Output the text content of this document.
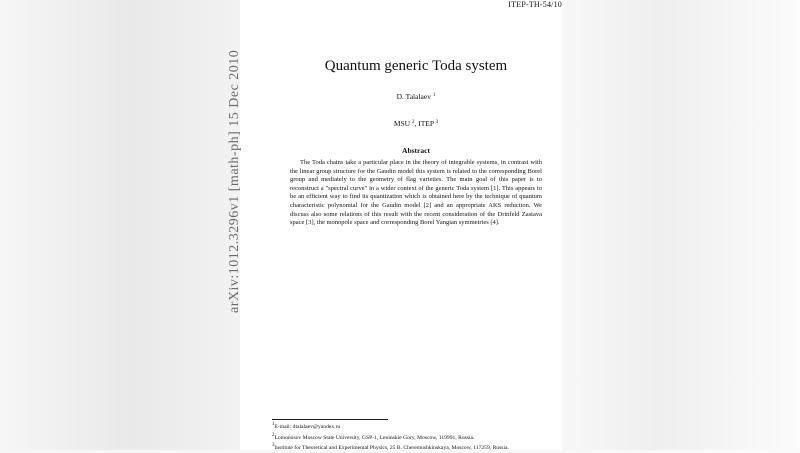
ITEP-TH-54/10
arXiv:1012.3296v1 [math-ph] 15 Dec 2010	Quantum generic Toda system
D. Talalaev $^1$
MSU $^2$, ITEP $^3$
Abstract
The Toda chains take a particular place in the theory of integrable systems, in contrast with the linear group structure for the Gaudin model this system is related to the corresponding Borel group and mediately to the geometry of flag varieties. The main goal of this paper is to reconstruct a "spectral curve" in a wider context of the generic Toda system [1]. This appears to be an efficient way to find its quantization which is obtained here by the technique of quantum characteristic polynomial for the Gaudin model [2] and an appropriate AKS reduction. We discuss also some relations of this result with the recent consideration of the Drinfeld Zastava space [3], the monopole space and corresponding Borel Yangian symmetries [4].

$^1$E-mail: dtalalaev@yandex.ru

$^2$Lomonosov Moscow State University, GSP-1, Leninskie Gory, Moscow, 119991, Russia.

$^3$Institute for Theoretical and Experimental Physics, 25 B. Cheremushkinskaya, Moscow, 117259, Russia.
